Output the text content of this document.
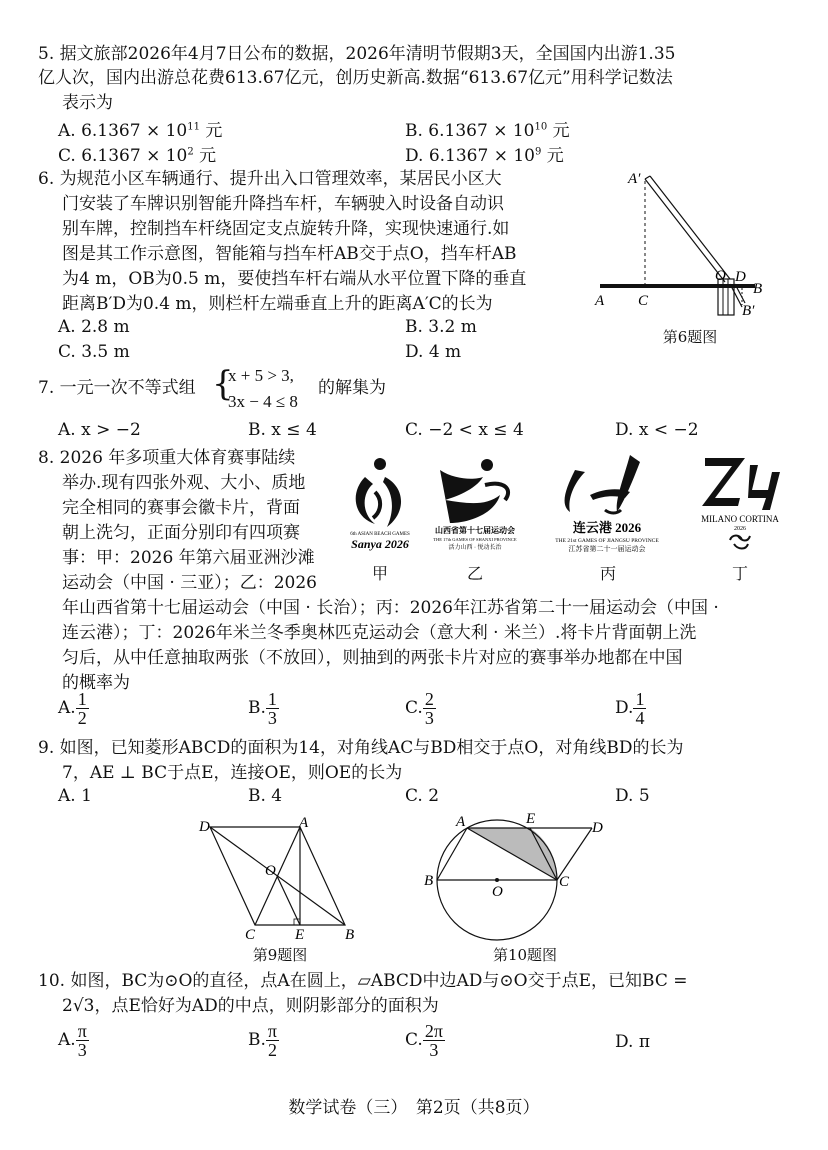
5. 据文旅部2026年4月7日公布的数据，2026年清明节假期3天，全国国内出游1.35

亿人次，国内出游总花费613.67亿元，创历史新高.数据“613.67亿元”用科学记数法

表示为

A. $6.1367 \times 10^{11}$ 元	B. $6.1367 \times 10^{10}$ 元
C. $6.1367 \times 10^2$ 元	D. $6.1367 \times 10^9$ 元

6. 为规范小区车辆通行、提升出入口管理效率，某居民小区大

门安装了车牌识别智能升降挡车杆，车辆驶入时设备自动识

别车牌，控制挡车杆绕固定支点旋转升降，实现快速通行.如

图是其工作示意图，智能箱与挡车杆AB交于点O，挡车杆AB

为4 m，OB为0.5 m，要使挡车杆右端从水平位置下降的垂直

距离B′D为0.4 m，则栏杆左端垂直上升的距离A′C的长为

A. 2.8 m	B. 3.2 m
C. 3.5 m	D. 4 m
A′
A C
O D
B
B′
第6题图
7. 一元一次不等式组 {
x + 5 > 3,
3x − 4 ≤ 8
的解集为
A. x > −2	B. x ≤ 4	C. −2 < x ≤ 4	D. x < −2

8. 2026 年多项重大体育赛事陆续

举办.现有四张外观、大小、质地

完全相同的赛事会徽卡片，背面

朝上洗匀，正面分别印有四项赛

事：甲：2026 年第六届亚洲沙滩

运动会（中国 · 三亚）；乙：2026

年山西省第十七届运动会（中国 · 长治）；丙：2026年江苏省第二十一届运动会（中国 ·

连云港）；丁：2026年米兰冬季奥林匹克运动会（意大利 · 米兰）.将卡片背面朝上洗

匀后，从中任意抽取两张（不放回），则抽到的两张卡片对应的赛事举办地都在中国

的概率为

6th ASIAN BEACH GAMES
Sanya 2026
山西省第十七届运动会
THE 17th GAMES OF SHANXI PROVINCE
活力山西 · 悦动长治
连云港 2026
THE 21st GAMES OF JIANGSU PROVINCE
江苏省第二十一届运动会
MILANO CORTINA
2026
甲	乙	丙	丁
A. $\frac{1}{2}$	B. $\frac{1}{3}$	C. $\frac{2}{3}$	D. $\frac{1}{4}$

9. 如图，已知菱形ABCD的面积为14，对角线AC与BD相交于点O，对角线BD的长为

7，AE ⊥ BC于点E，连接OE，则OE的长为

A. 1	B. 4	C. 2	D. 5
D	A
O
C	E	B
第9题图
A	E
D
B
O
C
第10题图

10. 如图，BC为⊙O的直径，点A在圆上，▱ABCD中边AD与⊙O交于点E，已知BC =

2√3，点E恰好为AD的中点，则阴影部分的面积为

A. $\frac{\pi}{3}$	B. $\frac{\pi}{2}$	C. $\frac{2\pi}{3}$	D. π
数学试卷（三）　第2页（共8页）
